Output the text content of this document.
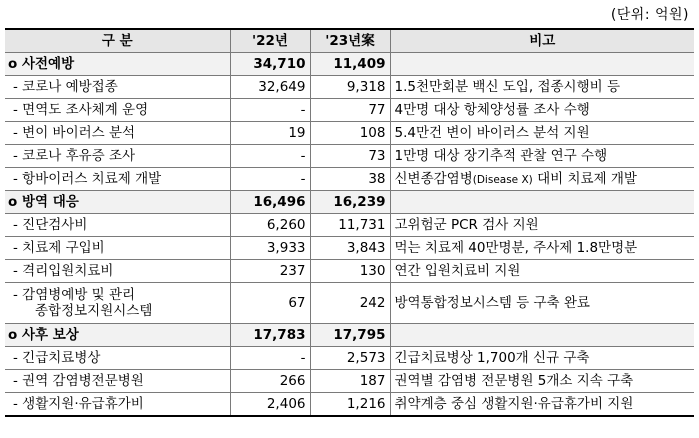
(단위: 억원)
구 분	'22년	'23년案	비고
o 사전예방	34,710	11,409	
- 코로나 예방접종	32,649	9,318	1.5천만회분 백신 도입, 접종시행비 등
- 면역도 조사체계 운영	-	77	4만명 대상 항체양성률 조사 수행
- 변이 바이러스 분석	19	108	5.4만건 변이 바이러스 분석 지원
- 코로나 후유증 조사	-	73	1만명 대상 장기추적 관찰 연구 수행
- 항바이러스 치료제 개발	-	38	신변종감염병(Disease X) 대비 치료제 개발
o 방역 대응	16,496	16,239	
- 진단검사비	6,260	11,731	고위험군 PCR 검사 지원
- 치료제 구입비	3,933	3,843	먹는 치료제 40만명분, 주사제 1.8만명분
- 격리입원치료비	237	130	연간 입원치료비 지원

- 감염병예방 및 관리
종합정보지원시스템	67	242	방역통합정보시스템 등 구축 완료
o 사후 보상	17,783	17,795	
- 긴급치료병상	-	2,573	긴급치료병상 1,700개 신규 구축
- 권역 감염병전문병원	266	187	권역별 감염병 전문병원 5개소 지속 구축
- 생활지원·유급휴가비	2,406	1,216	취약계층 중심 생활지원·유급휴가비 지원
